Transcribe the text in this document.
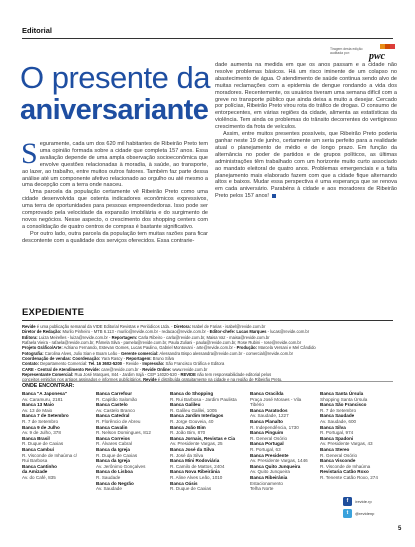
Editorial
Tiragem desta edição auditada por:	pwc
O presente da
aniversariante

Seguramente, cada um dos 620 mil habitantes de Ribeirão Preto tem uma opinião formada sobre a cidade que completa 157 anos. Essa avaliação depende de uma ampla observação socioeconômica que envolve questões relacionadas à moradia, à saúde, ao transporte, ao lazer, ao trabalho, entre muitos outros fatores. Também faz parte dessa análise até um componente afetivo relacionado ao orgulho ou até mesmo a uma decepção com a terra onde nasceu.

Uma parcela da população certamente vê Ribeirão Preto como uma cidade desenvolvida que ostenta indicadores econômicos expressivos, uma terra de oportunidades para pessoas empreendedoras. Isso pode ser comprovado pela velocidade da expansão imobiliária e do surgimento de novos negócios. Nesse aspecto, o crescimento dos shopping centers com a consolidação de quatro centros de compras é bastante significativo.

Por outro lado, outra parcela da população tem muitas razões para ficar descontente com a qualidade dos serviços oferecidos. Essa contrarie-

dade aumenta na medida em que os anos passam e a cidade não resolve problemas básicos. Há um risco iminente de um colapso no abastecimento de água. O atendimento de saúde continua sendo alvo de muitas reclamações com a epidemia de dengue rondando a vida dos moradores. Recentemente, os usuários tiveram uma semana difícil com a greve no transporte público que ainda deixa a muito a desejar. Cercado por polícias, Ribeirão Preto virou rota do tráfico de drogas. O consumo de entorpecentes, em várias regiões da cidade, alimenta as estatísticas da violência. Tem ainda os problemas do trânsito decorrentes do vertiginoso crescimento da frota de veículos.

Assim, entre muitos presentes possíveis, que Ribeirão Preto poderia ganhar neste 19 de junho, certamente um seria perfeito para a realidade atual o planejamento de médio e de longo prazo. Em função da alternância no poder de partidos e de grupos políticos, as últimas administrações têm trabalhado com um horizonte muito curto associado ao mandato eleitoral de quatro anos. Problemas emergenciais e a falta planejamento mais elaborado fazem com que a cidade fique alternando altos e baixos. Mudar essa perspectiva é uma esperança que se renova em cada aniversário. Parabéns à cidade e aos moradores de Ribeirão Preto pelos 157 anos!

EXPEDIENTE

Revide é uma publicação semanal da VIDE Editorial Revistas e Periódicos Ltda. - Diretora: Isabel de Farias - isabel@revide.com.br

Diretor de Redação: Murilo Pinheiro - MTB 6.113 - murilo@revide.com.br - redacao@revide.com.br - Editor-chefe: Lucas Marques - lucas@revide.com.br

Editora: Luiza Meirelles - luiza@revide.com.br - Reportagem: Carla Ribeiro - carla@revide.com.br, Maisa Vaz - maisa@revide.com.br

Rafaela Vieira - rafaela@revide.com.br, Pâmela Silva - pamela@revide.com.br, Paula Zuliani - paula@revide.com.br, Rose Rubini - rose@revide.com.br

Projeto Gráfico/Arte: Adriano Fernando, Estevan Gomes, Lucas Paulino, Gabriel Montovani - arte@revide.com.br - Produção: Marcela Versani e Mel Cândido

Fotografia: Carolina Alves, Julio Sian e Boam Leão - Gerente comercial: Alessandra Bispo alessandra@revide.com.br - comercial@revide.com.br

Coordenação de vendas: Coordenação: Yara Rascy - Reportagem: Bruno Silva

Contato: Departamento Comercial: Tel. 16 3602-5200 - Revide - Impressão: São Francisco Gráfica e Editora

CARE - Central de Atendimento Revide: care@revide.com.br - Revide Online: www.revide.com.br

Representante Comercial: Rua José Marques, 844 - Jardim Irajá - CEP 14020-520 - REVIDE não tem responsabilidade editorial pelos

conceitos emitidos nos artigos assinados e informes publicitários. Revide é distribuída gratuitamente na cidade e na região de Ribeirão Preto.

ONDE ENCONTRAR:
Banca "A Japonesa"
Av. Caramuru, 2181
Banca 13 Maio
Av. 13 de Maio
Banca 7 de Setembro
R. 7 de Setembro
Banca 9 de Julho
Av. 9 de Julho, 378
Banca Brasil
R. Duque de Caxias
Banca Cambuí
R. Visconde de Inhaúma c/
Rui Barbosa
Banca Cantinho
da Amizade
Av. do Café, 835
Banca Carrefour
R. Capitão Salomão
Banca Castelo
Av. Castelo Branco
Banca Catedral
R. Florêncio de Abreu
Banca Cavalin
R. Nelson Domingues, 812
Banca Correios
R. Álvares Cabral
Banca da Igreja
R. Duque de Caxias
Banca da Igreja
Av. Jerônimo Gonçalves
Banca do Lisboa
R. Saudade
Banca do Negrão
Av. Saudade
Banca do Shopping
R. Rui Barbosa - Jardim Paulista
Banca Galileu
R. Galileu Galilei, 1005
Banca Jardim Interlagos
R. Jorge Gouveia, 40
Banca João Bim
R. João Bim, 870
Banca Jornais, Revistas e Cia
Av. Presidente Vargas, 25
Banca José da Silva
R. José da Silva
Banca Mini Rodoviária
R. Camilo de Mattos, 2404
Banca Nova Ribeirânia
R. Aline Alves Leão, 1010
Banca Oásis
R. Duque de Caxias
Banca Oracilda
Praça José Moraes - Vila
Tibério
Banca Paratodos
Av. Saudade, 1227
Banca Planalto
R. Independência, 1730
Banca Pinguim
R. General Osório
Banca Portugal
R. Portugal, 63
Banca Presidente
Av. Presidente Vargas, 1446
Banca Quito Junqueira
Av. Quito Junqueira
Banca Ribeirânia
Estacionamento
Telha Norte
Banca Santa Úrsula
Shopping Santa Úrsula
Banca São Francisco
R. 7 de Setembro
Banca Saudade
Av. Saudade, 600
Banca Silva
R. Portugal, 974
Banca Spadoni
Av. Presidente Vargas, 43
Banca Stereo
R. General Osório
Banca Visconde
R. Visconde de Inhaúma
Revistaria Catão Roxo
R. Tenente Catão Roxo, 274
f	/revide.rp
t	@revidenp
5
